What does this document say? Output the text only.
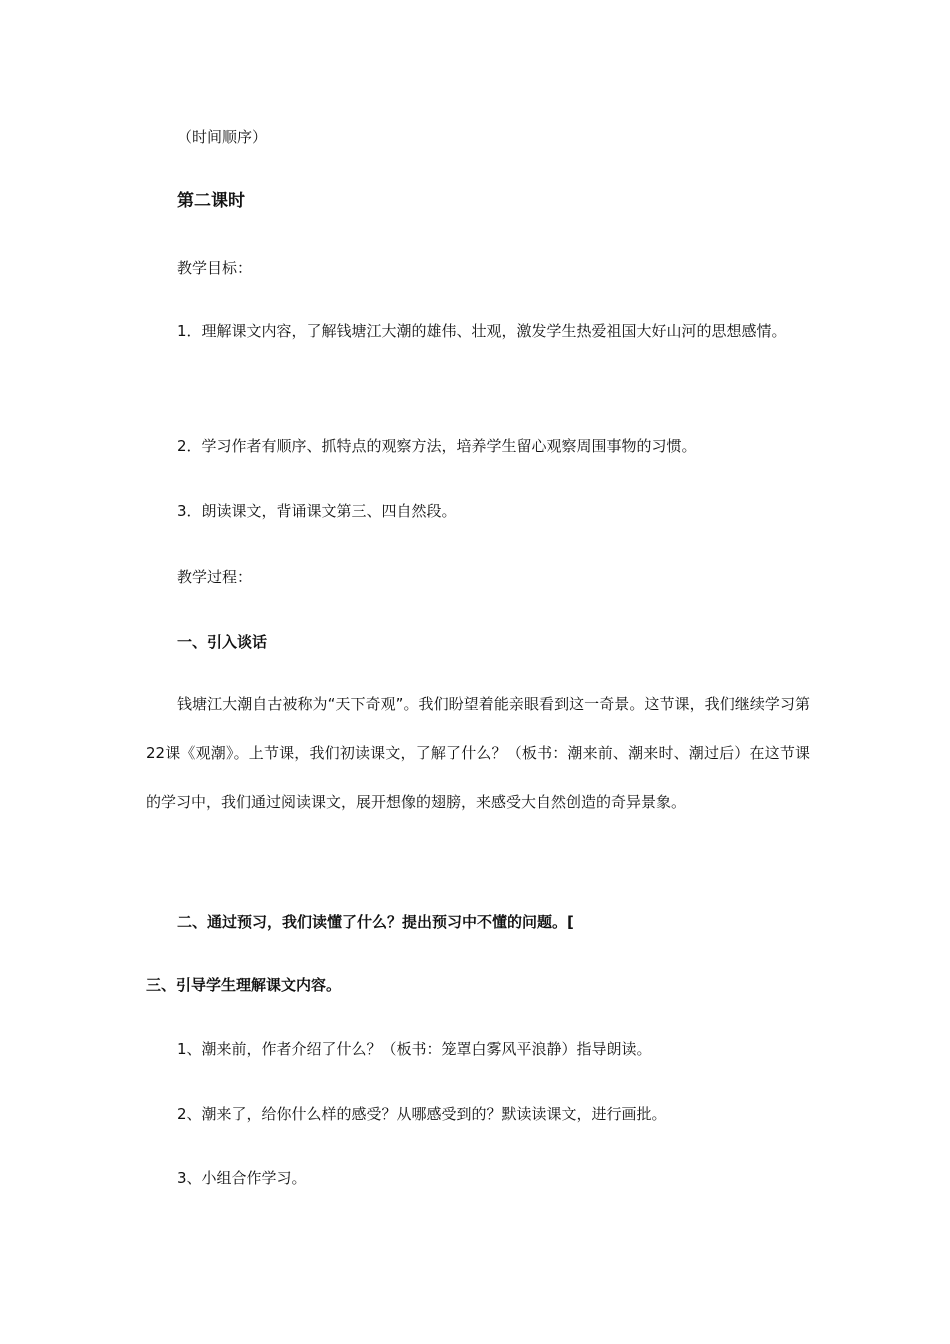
（时间顺序）
第二课时
教学目标：
1．理解课文内容，了解钱塘江大潮的雄伟、壮观，激发学生热爱祖国大好山河的思想感情。
2．学习作者有顺序、抓特点的观察方法，培养学生留心观察周围事物的习惯。
3．朗读课文，背诵课文第三、四自然段。
教学过程：
一、引入谈话
钱塘江大潮自古被称为“天下奇观”。我们盼望着能亲眼看到这一奇景。这节课，我们继续学习第22课《观潮》。上节课，我们初读课文，了解了什么？（板书：潮来前、潮来时、潮过后）在这节课的学习中，我们通过阅读课文，展开想像的翅膀，来感受大自然创造的奇异景象。
二、通过预习，我们读懂了什么？提出预习中不懂的问题。[
三、引导学生理解课文内容。
1、潮来前，作者介绍了什么？（板书：笼罩白雾风平浪静）指导朗读。
2、潮来了，给你什么样的感受？从哪感受到的？默读读课文，进行画批。
3、小组合作学习。
